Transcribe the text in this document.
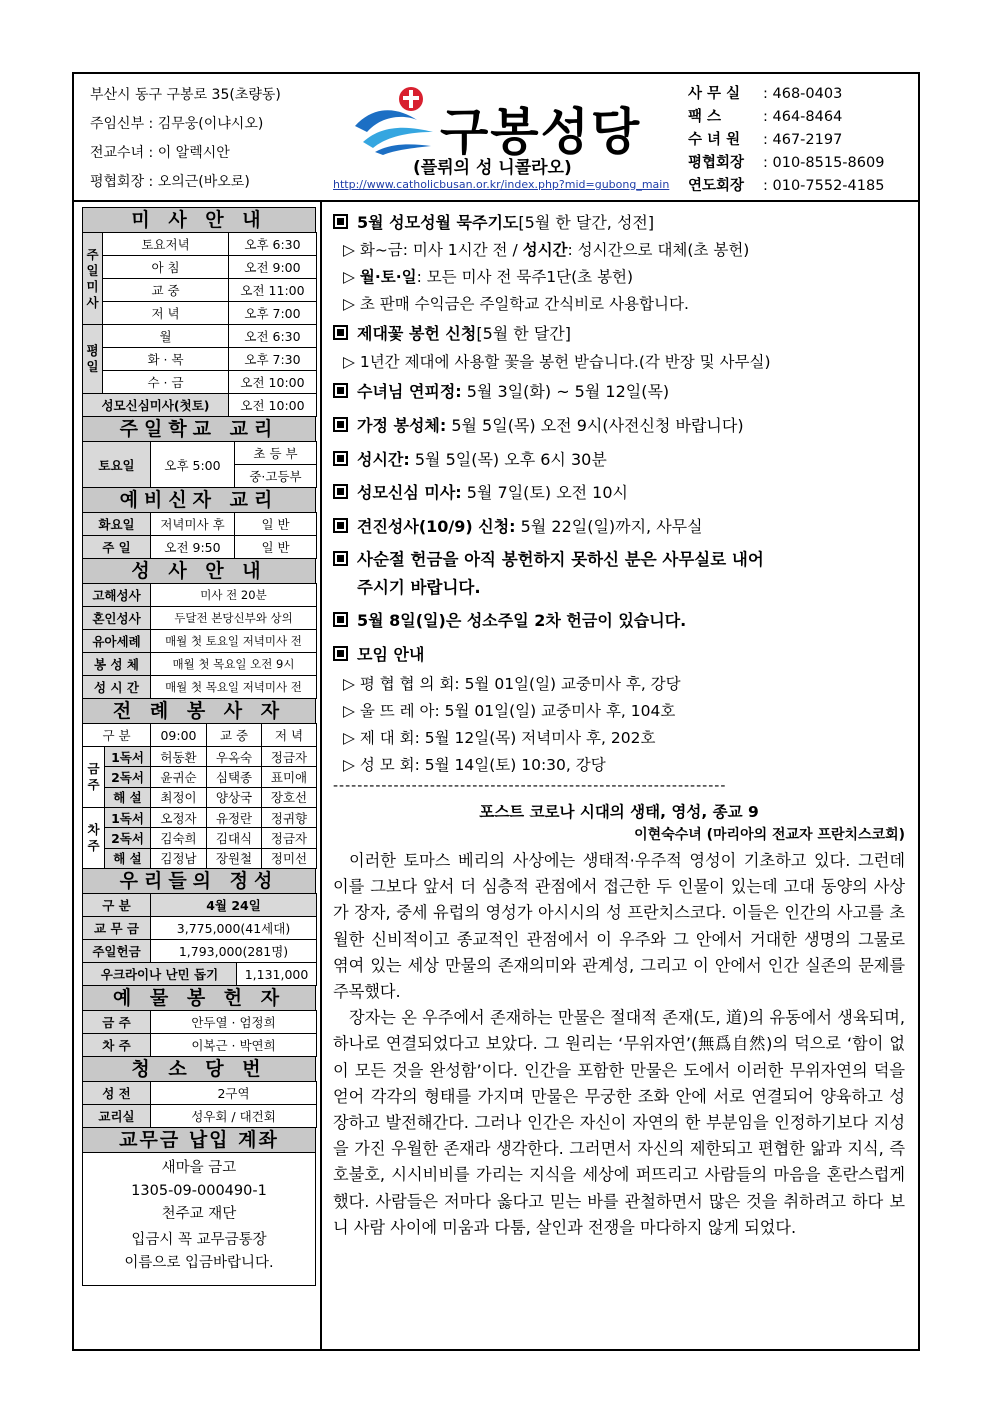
부산시 동구 구봉로 35(초량동)
주임신부 : 김무웅(이냐시오)
전교수녀 : 이 알렉시안
평협회장 : 오의근(바오로)
구봉성당
(플뤼의 성 니콜라오)
http://www.catholicbusan.or.kr/index.php?mid=gubong_main
사 무 실 : 468-0403
팩 스	: 464-8464
수 녀 원 : 467-2197
평협회장 : 010-8515-8609
연도회장 : 010-7552-4185
미 사 안 내
주일미사	토요저녁	오후 6:30
	아 침	오전 9:00
	교 중	오전 11:00
	저 녁	오후 7:00
평일	월	오전 6:30
	화 · 목	오후 7:30
	수 · 금	오전 10:00
성모신심미사(첫토)		오전 10:00
주일학교 교리
토요일	오후 5:00	초 등 부
중·고등부
예비신자 교리
화요일	저녁미사 후	일 반
주 일	오전 9:50	일 반
성 사 안 내
고해성사	미사 전 20분
혼인성사	두달전 본당신부와 상의
유아세례	매월 첫 토요일 저녁미사 전
봉 성 체	매월 첫 목요일 오전 9시
성 시 간	매월 첫 목요일 저녁미사 전
전 례 봉 사 자
구 분		09:00	교 중	저 녁
금주	1독서	허동환	우옥숙	정금자
	2독서	윤귀순	심택종	표미애
	해 설	최정이	양상국	장호선
차주	1독서	오정자	유정란	정귀향
	2독서	김숙희	김대식	정금자
	해 설	김정남	장원철	정미선
우리들의 정성
구 분	4월 24일	
교 무 금	3,775,000(41세대)	
주일헌금	1,793,000(281명)	
우크라이나 난민 돕기		1,131,000
예 물 봉 헌 자
금 주	안두열 · 엄정희
차 주	이복근 · 박연희
청 소 당 번
성 전	2구역
교리실	성우회 / 대건회
교무금 납입 계좌
새마을 금고
1305-09-000490-1
천주교 재단
입금시 꼭 교무금통장
이름으로 입금바랍니다.
5월 성모성월 묵주기도[5월 한 달간, 성전]
▷ 화~금: 미사 1시간 전 / 성시간: 성시간으로 대체(초 봉헌)
▷ 월·토·일: 모든 미사 전 묵주1단(초 봉헌)
▷ 초 판매 수익금은 주일학교 간식비로 사용합니다.
제대꽃 봉헌 신청[5월 한 달간]
▷ 1년간 제대에 사용할 꽃을 봉헌 받습니다.(각 반장 및 사무실)
수녀님 연피정: 5월 3일(화) ~ 5월 12일(목)
가정 봉성체: 5월 5일(목) 오전 9시(사전신청 바랍니다)
성시간: 5월 5일(목) 오후 6시 30분
성모신심 미사: 5월 7일(토) 오전 10시
견진성사(10/9) 신청: 5월 22일(일)까지, 사무실
사순절 헌금을 아직 봉헌하지 못하신 분은 사무실로 내어
주시기 바랍니다.
5월 8일(일)은 성소주일 2차 헌금이 있습니다.
모임 안내
▷ 평 협 협 의 회: 5월 01일(일) 교중미사 후, 강당
▷ 울 뜨 레 아: 5월 01일(일) 교중미사 후, 104호
▷ 제 대 회: 5월 12일(목) 저녁미사 후, 202호
▷ 성 모 회: 5월 14일(토) 10:30, 강당
-----------------------------------------------------------------
포스트 코로나 시대의 생태, 영성, 종교 9
이현숙수녀 (마리아의 전교자 프란치스코회)

이러한 토마스 베리의 사상에는 생태적·우주적 영성이 기초하고 있다. 그런데 이를 그보다 앞서 더 심층적 관점에서 접근한 두 인물이 있는데 고대 동양의 사상가 장자, 중세 유럽의 영성가 아시시의 성 프란치스코다. 이들은 인간의 사고를 초월한 신비적이고 종교적인 관점에서 이 우주와 그 안에서 거대한 생명의 그물로 엮여 있는 세상 만물의 존재의미와 관계성, 그리고 이 안에서 인간 실존의 문제를 주목했다.

장자는 온 우주에서 존재하는 만물은 절대적 존재(도, 道)의 유동에서 생육되며, 하나로 연결되었다고 보았다. 그 원리는 ‘무위자연’(無爲自然)의 덕으로 ‘함이 없이 모든 것을 완성함’이다. 인간을 포함한 만물은 도에서 이러한 무위자연의 덕을 얻어 각각의 형태를 가지며 만물은 무궁한 조화 안에 서로 연결되어 양육하고 성장하고 발전해간다. 그러나 인간은 자신이 자연의 한 부분임을 인정하기보다 지성을 가진 우월한 존재라 생각한다. 그러면서 자신의 제한되고 편협한 앎과 지식, 즉 호불호, 시시비비를 가리는 지식을 세상에 퍼뜨리고 사람들의 마음을 혼란스럽게 했다. 사람들은 저마다 옳다고 믿는 바를 관철하면서 많은 것을 취하려고 하다 보니 사람 사이에 미움과 다툼, 살인과 전쟁을 마다하지 않게 되었다.
